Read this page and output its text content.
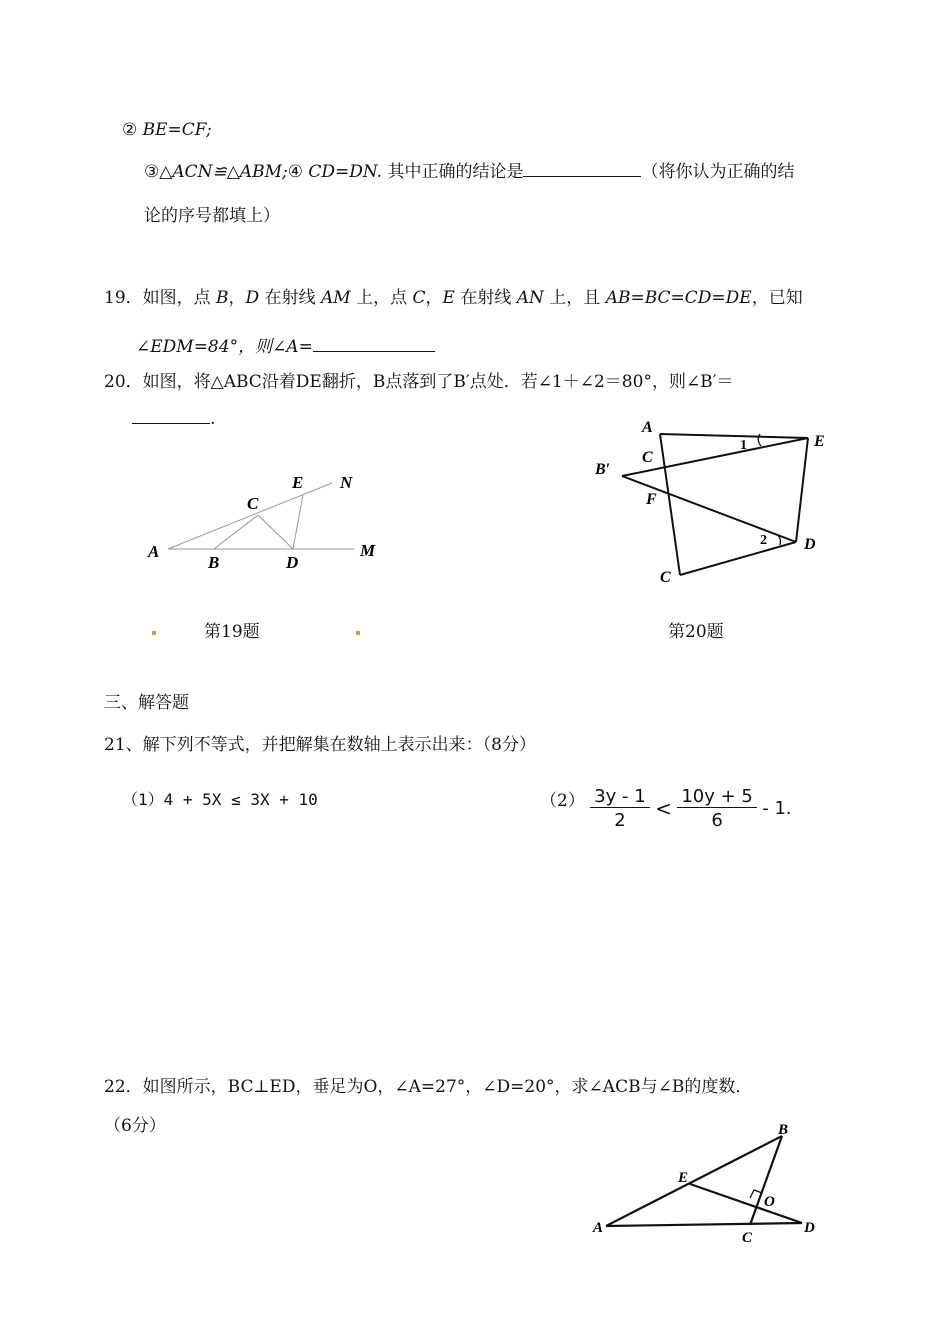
② BE=CF;
③△ACN≌△ABM;④ CD=DN. 其中正确的结论是	（将你认为正确的结
论的序号都填上）
19．如图，点 B，D 在射线 AM 上，点 C，E 在射线 AN 上，且 AB=BC=CD=DE，已知
∠EDM=84°，则∠A=
20．如图，将△ABC沿着DE翻折，B点落到了B′点处．若∠1＋∠2＝80°，则∠B′＝
.
A
B
C
D
E
M
N
A
C
B′
F
E
D
C
1
2
第19题	第20题
三、解答题
21、解下列不等式，并把解集在数轴上表示出来：（8分）
（1）4 + 5X ≤ 3X + 10	$(2) \frac{3y - 1}{2} < \frac{10y + 5}{6} - 1$.
22．如图所示，BC⊥ED，垂足为O，∠A=27°，∠D=20°，求∠ACB与∠B的度数．
（6分）
A
B
C
D
E
O
